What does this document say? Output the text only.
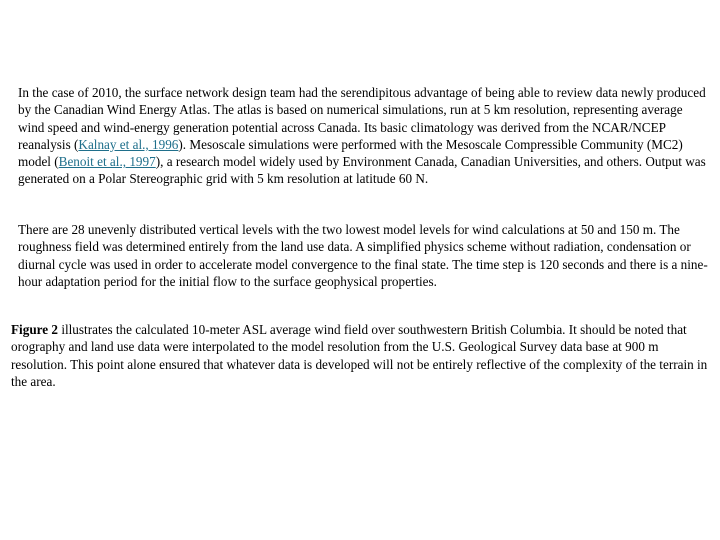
In the case of 2010, the surface network design team had the serendipitous advantage of being able to review data newly produced by the Canadian Wind Energy Atlas. The atlas is based on numerical simulations, run at 5 km resolution, representing average wind speed and wind-energy generation potential across Canada. Its basic climatology was derived from the NCAR/NCEP reanalysis (Kalnay et al., 1996). Mesoscale simulations were performed with the Mesoscale Compressible Community (MC2) model (Benoit et al., 1997), a research model widely used by Environment Canada, Canadian Universities, and others. Output was generated on a Polar Stereographic grid with 5 km resolution at latitude 60 N.

There are 28 unevenly distributed vertical levels with the two lowest model levels for wind calculations at 50 and 150 m. The roughness field was determined entirely from the land use data. A simplified physics scheme without radiation, condensation or diurnal cycle was used in order to accelerate model convergence to the final state. The time step is 120 seconds and there is a nine-hour adaptation period for the initial flow to the surface geophysical properties.

Figure 2 illustrates the calculated 10-meter ASL average wind field over southwestern British Columbia. It should be noted that orography and land use data were interpolated to the model resolution from the U.S. Geological Survey data base at 900 m resolution. This point alone ensured that whatever data is developed will not be entirely reflective of the complexity of the terrain in the area.
